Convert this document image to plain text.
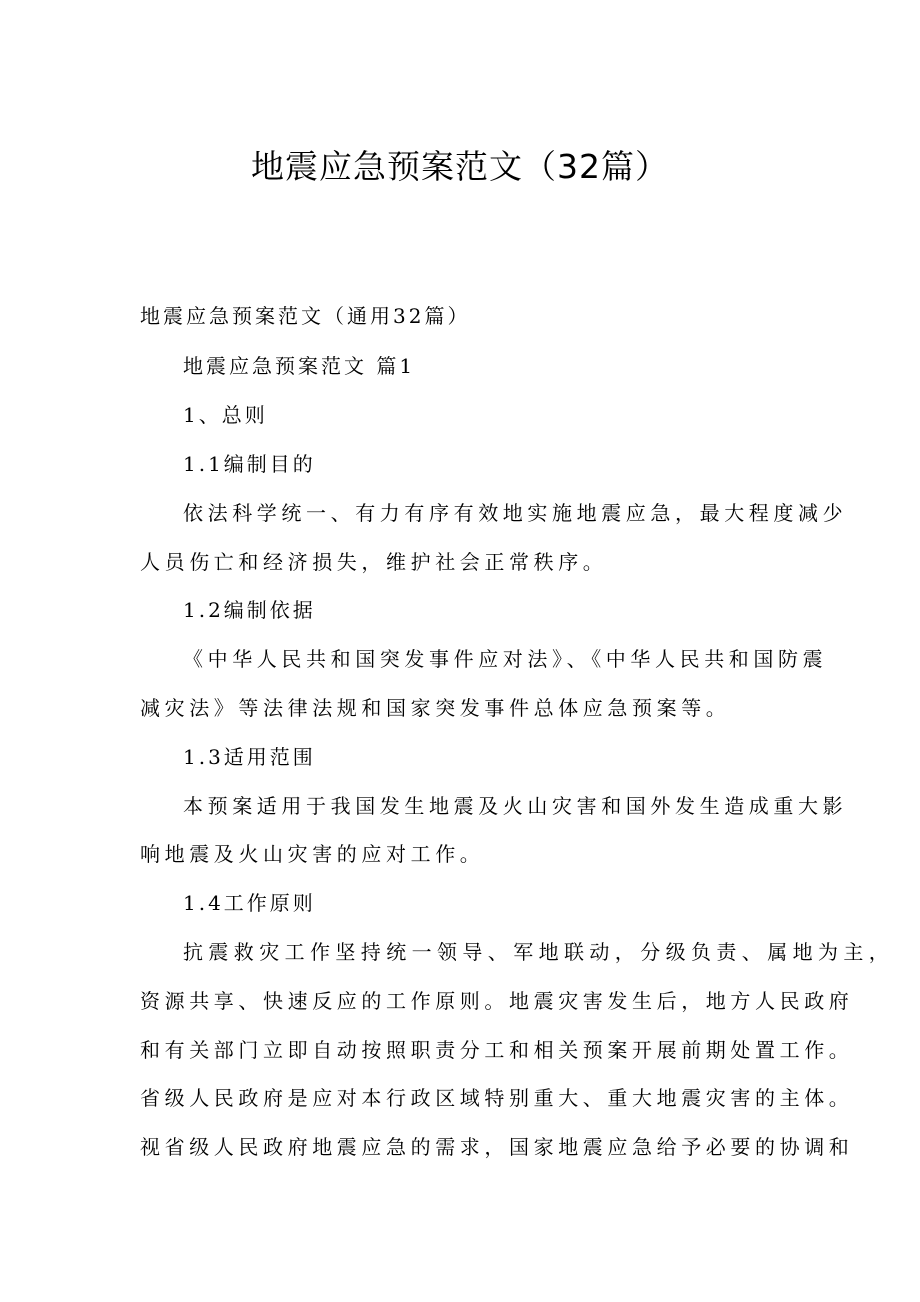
地震应急预案范文（32篇）

地震应急预案范文（通用32篇）

地震应急预案范文 篇1

1、总则

1.1编制目的

依法科学统一、有力有序有效地实施地震应急，最大程度减少

人员伤亡和经济损失，维护社会正常秩序。

1.2编制依据

《中华人民共和国突发事件应对法》、《中华人民共和国防震

减灾法》等法律法规和国家突发事件总体应急预案等。

1.3适用范围

本预案适用于我国发生地震及火山灾害和国外发生造成重大影

响地震及火山灾害的应对工作。

1.4工作原则

抗震救灾工作坚持统一领导、军地联动，分级负责、属地为主，

资源共享、快速反应的工作原则。地震灾害发生后，地方人民政府

和有关部门立即自动按照职责分工和相关预案开展前期处置工作。

省级人民政府是应对本行政区域特别重大、重大地震灾害的主体。

视省级人民政府地震应急的需求，国家地震应急给予必要的协调和
